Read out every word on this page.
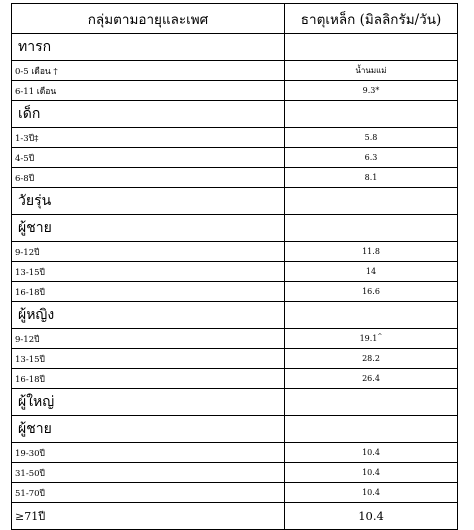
กลุ่มตามอายุและเพศ	ธาตุเหล็ก (มิลลิกรัม/วัน)
ทารก	
0-5 เดือน †	น้ำนมแม่
6-11 เดือน	9.3*
เด็ก	
1-3ปี‡	5.8
4-5ปี	6.3
6-8ปี	8.1
วัยรุ่น	
ผู้ชาย	
9-12ปี	11.8
13-15ปี	14
16-18ปี	16.6
ผู้หญิง	
9-12ปี	19.1^
13-15ปี	28.2
16-18ปี	26.4
ผู้ใหญ่	
ผู้ชาย	
19-30ปี	10.4
31-50ปี	10.4
51-70ปี	10.4
≥71ปี	10.4
